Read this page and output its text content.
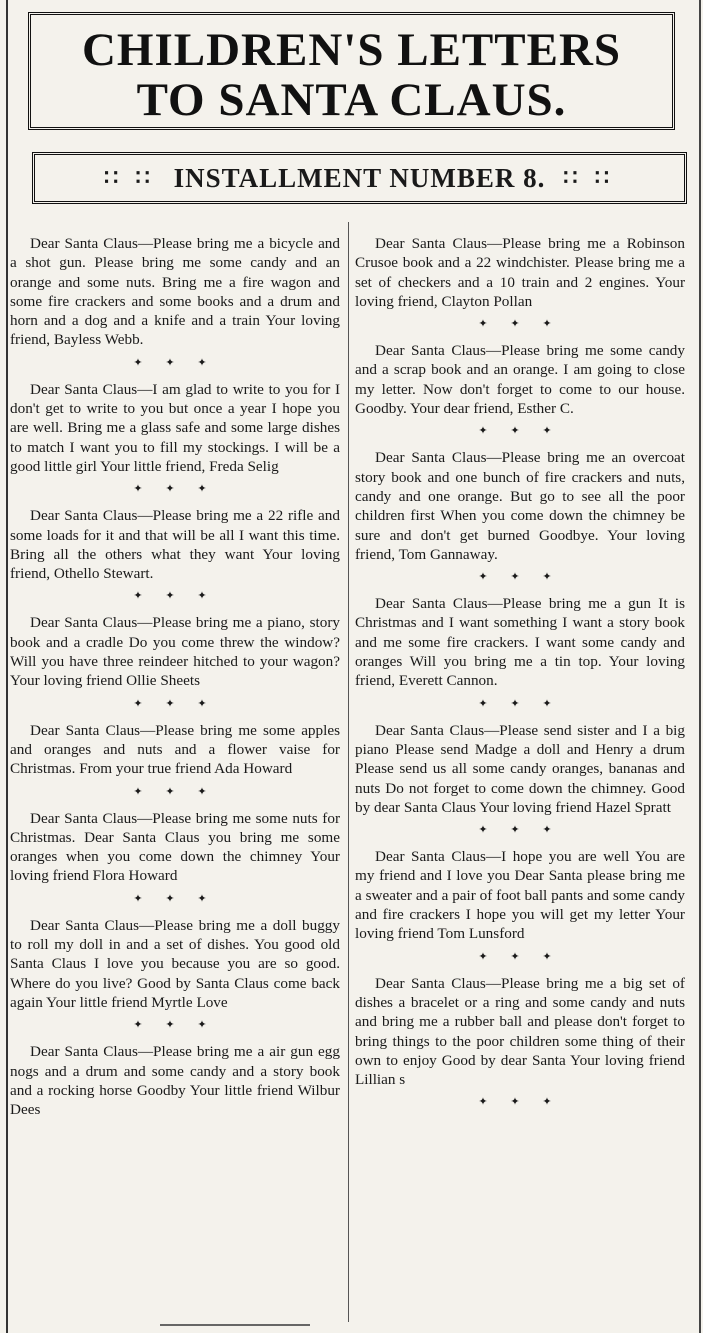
CHILDREN'S LETTERS
TO SANTA CLAUS.
∷ ∷ INSTALLMENT NUMBER 8. ∷ ∷

Dear Santa Claus—Please bring me a bicycle and a shot gun. Please bring me some candy and an orange and some nuts. Bring me a fire wagon and some fire crackers and some books and a drum and horn and a dog and a knife and a train Your loving friend, Bayless Webb.

✦ ✦ ✦

Dear Santa Claus—I am glad to write to you for I don't get to write to you but once a year I hope you are well. Bring me a glass safe and some large dishes to match I want you to fill my stockings. I will be a good little girl Your little friend, Freda Selig

✦ ✦ ✦

Dear Santa Claus—Please bring me a 22 rifle and some loads for it and that will be all I want this time. Bring all the others what they want Your loving friend, Othello Stewart.

✦ ✦ ✦

Dear Santa Claus—Please bring me a piano, story book and a cradle Do you come threw the window? Will you have three reindeer hitched to your wagon? Your loving friend Ollie Sheets

✦ ✦ ✦

Dear Santa Claus—Please bring me some apples and oranges and nuts and a flower vaise for Christmas. From your true friend Ada Howard

✦ ✦ ✦

Dear Santa Claus—Please bring me some nuts for Christmas. Dear Santa Claus you bring me some oranges when you come down the chimney Your loving friend Flora Howard

✦ ✦ ✦

Dear Santa Claus—Please bring me a doll buggy to roll my doll in and a set of dishes. You good old Santa Claus I love you because you are so good. Where do you live? Good by Santa Claus come back again Your little friend Myrtle Love

✦ ✦ ✦

Dear Santa Claus—Please bring me a air gun egg nogs and a drum and some candy and a story book and a rocking horse Goodby Your little friend Wilbur Dees

Dear Santa Claus—Please bring me a Robinson Crusoe book and a 22 windchister. Please bring me a set of checkers and a 10 train and 2 engines. Your loving friend, Clayton Pollan

✦ ✦ ✦

Dear Santa Claus—Please bring me some candy and a scrap book and an orange. I am going to close my letter. Now don't forget to come to our house. Goodby. Your dear friend, Esther C.

✦ ✦ ✦

Dear Santa Claus—Please bring me an overcoat story book and one bunch of fire crackers and nuts, candy and one orange. But go to see all the poor children first When you come down the chimney be sure and don't get burned Goodbye. Your loving friend, Tom Gannaway.

✦ ✦ ✦

Dear Santa Claus—Please bring me a gun It is Christmas and I want something I want a story book and me some fire crackers. I want some candy and oranges Will you bring me a tin top. Your loving friend, Everett Cannon.

✦ ✦ ✦

Dear Santa Claus—Please send sister and I a big piano Please send Madge a doll and Henry a drum Please send us all some candy oranges, bananas and nuts Do not forget to come down the chimney. Good by dear Santa Claus Your loving friend Hazel Spratt

✦ ✦ ✦

Dear Santa Claus—I hope you are well You are my friend and I love you Dear Santa please bring me a sweater and a pair of foot ball pants and some candy and fire crackers I hope you will get my letter Your loving friend Tom Lunsford

✦ ✦ ✦

Dear Santa Claus—Please bring me a big set of dishes a bracelet or a ring and some candy and nuts and bring me a rubber ball and please don't forget to bring things to the poor children some thing of their own to enjoy Good by dear Santa Your loving friend Lillian s

✦ ✦ ✦
